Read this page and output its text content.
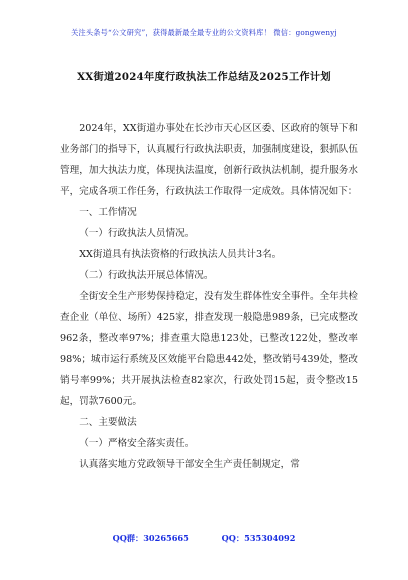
关注头条号“公文研究”，获得最新最全最专业的公文资料库！ 微信：gongwenyj
XX街道2024年度行政执法工作总结及2025工作计划

2024年，XX街道办事处在长沙市天心区区委、区政府的领导下和业务部门的指导下，认真履行行政执法职责，加强制度建设，狠抓队伍管理，加大执法力度，体现执法温度，创新行政执法机制，提升服务水平，完成各项工作任务，行政执法工作取得一定成效。具体情况如下：

一、工作情况

（一）行政执法人员情况。

XX街道具有执法资格的行政执法人员共计3名。

（二）行政执法开展总体情况。

全街安全生产形势保持稳定，没有发生群体性安全事件。全年共检查企业（单位、场所）425家，排查发现一般隐患989条，已完成整改962条，整改率97%；排查重大隐患123处，已整改122处，整改率98%；城市运行系统及区效能平台隐患442处，整改销号439处，整改销号率99%；共开展执法检查82家次，行政处罚15起，责令整改15起，罚款7600元。

二、主要做法

（一）严格安全落实责任。

认真落实地方党政领导干部安全生产责任制规定，常

QQ群：30265665	QQ：535304092
